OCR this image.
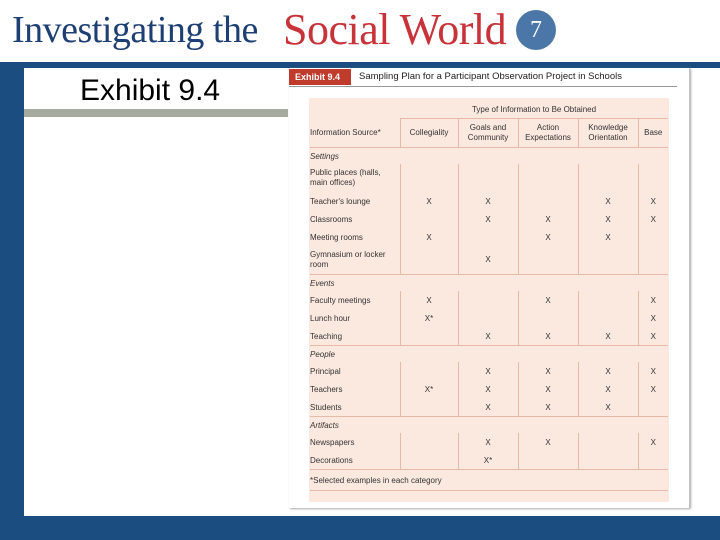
Investigating the Social World 7
Exhibit 9.4	Exhibit 9.4	Sampling Plan for a Participant Observation Project in Schools
	Type of Information to Be Obtained				
Information Source*	Collegiality	Goals and Community	Action Expectations	Knowledge Orientation	Base
Settings					
Public places (halls, main offices)					
Teacher's lounge	X	X		X	X
Classrooms		X	X	X	X
Meeting rooms	X		X	X	
Gymnasium or locker room		X			
Events					
Faculty meetings	X		X		X
Lunch hour	X*				X
Teaching		X	X	X	X
People					
Principal		X	X	X	X
Teachers	X*	X	X	X	X
Students		X	X	X	
Artifacts					
Newspapers		X	X		X
Decorations		X*			
*Selected examples in each category					
